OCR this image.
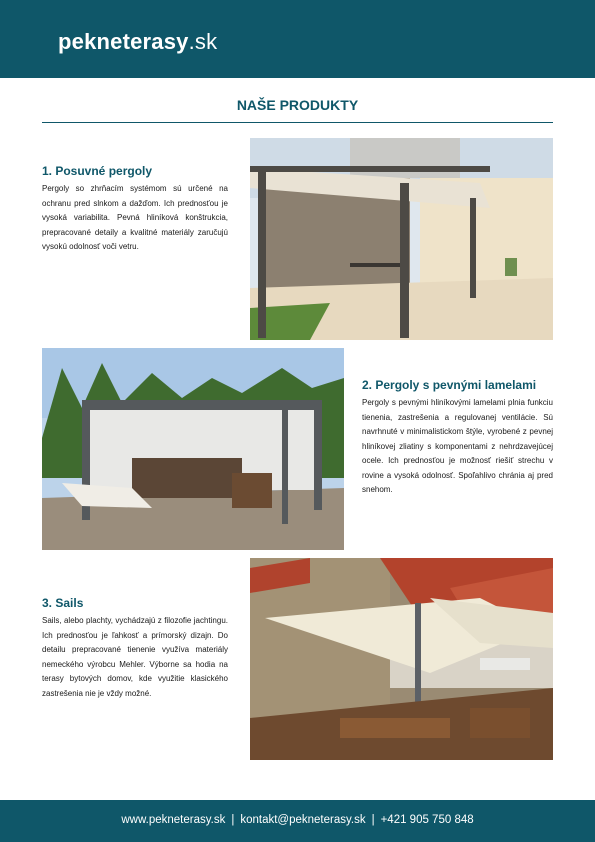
pekneterasy.sk
NAŠE PRODUKTY
1. Posuvné pergoly
Pergoly so zhrňacím systémom sú určené na ochranu pred slnkom a dažďom. Ich prednosťou je vysoká variabilita. Pevná hliníková konštrukcia, prepracované detaily a kvalitné materiály zaručujú vysokú odolnosť voči vetru.
2. Pergoly s pevnými lamelami
Pergoly s pevnými hliníkovými lamelami plnia funkciu tienenia, zastrešenia a regulovanej ventilácie. Sú navrhnuté v minimalistickom štýle, vyrobené z pevnej hliníkovej zliatiny s komponentami z nehrdzavejúcej ocele. Ich prednosťou je možnosť riešiť strechu v rovine a vysoká odolnosť. Spoľahlivo chránia aj pred snehom.
3. Sails
Sails, alebo plachty, vychádzajú z filozofie jachtingu. Ich prednosťou je ľahkosť a prímorský dizajn. Do detailu prepracované tienenie využíva materiály nemeckého výrobcu Mehler. Výborne sa hodia na terasy bytových domov, kde využitie klasického zastrešenia nie je vždy možné.
www.pekneterasy.sk | kontakt@pekneterasy.sk | +421 905 750 848
